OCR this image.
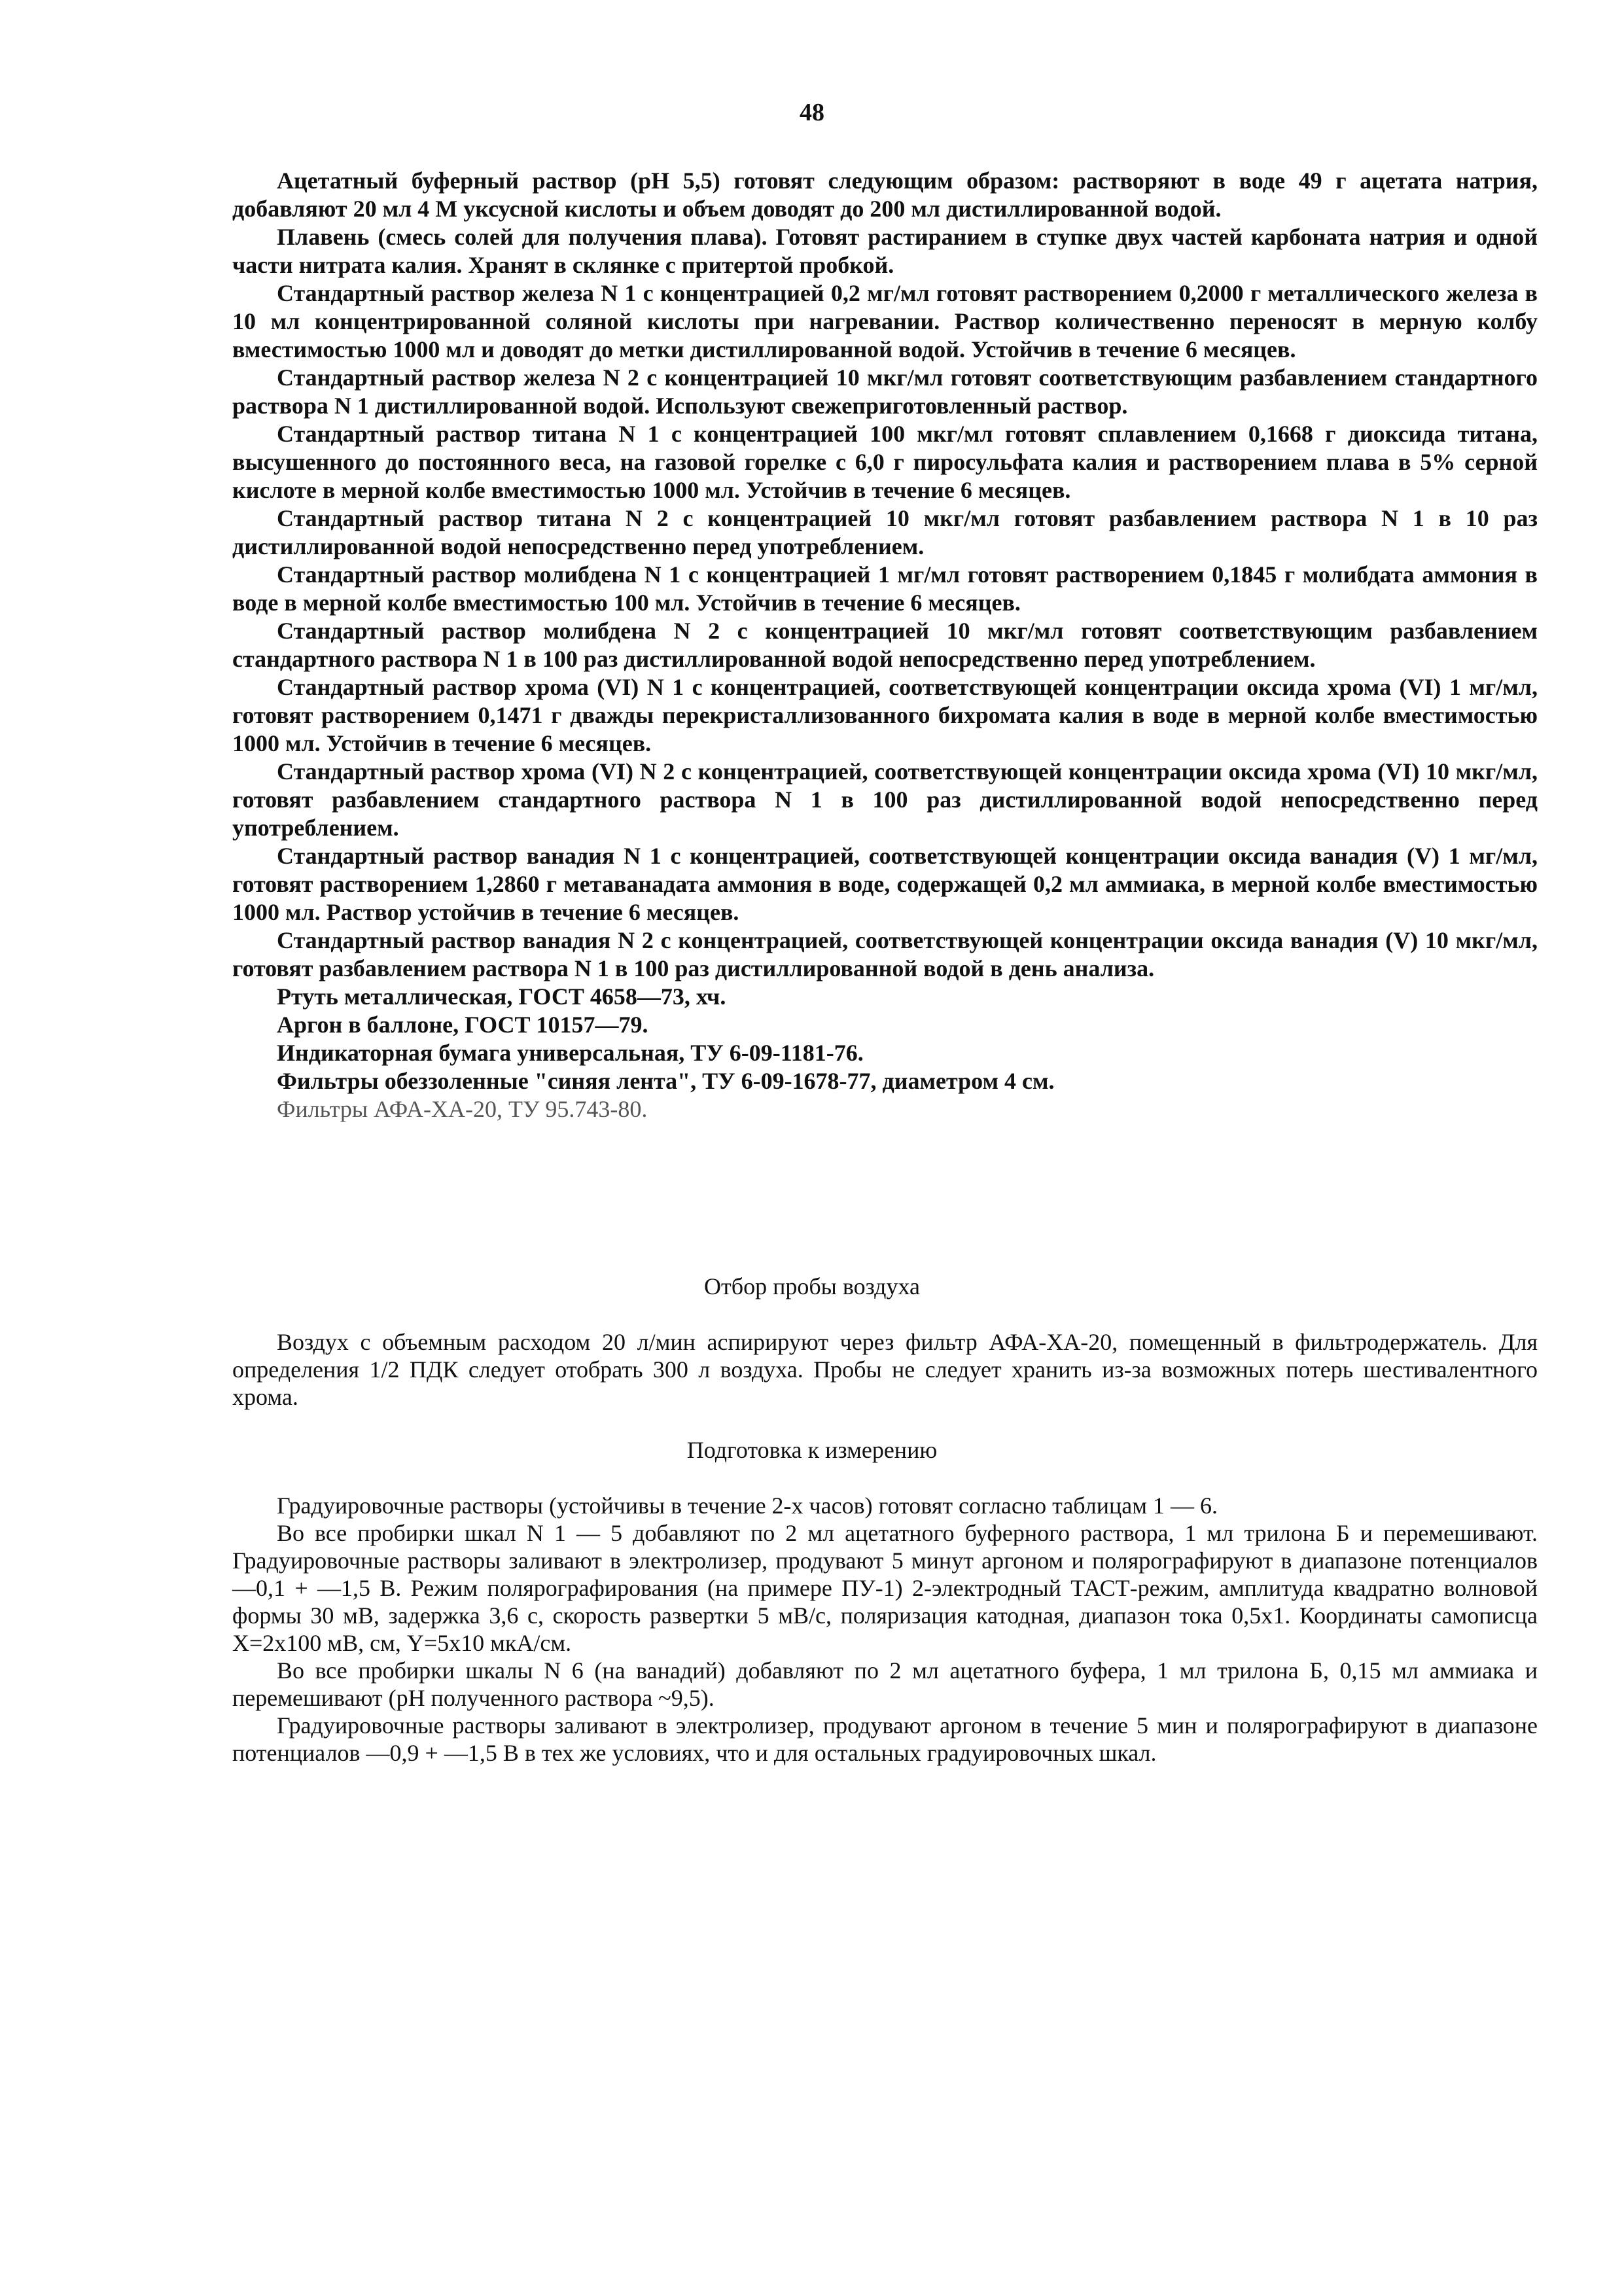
48

Ацетатный буферный раствор (pH 5,5) готовят следующим образом: растворяют в воде 49 г ацетата натрия, добавляют 20 мл 4 М уксусной кислоты и объем доводят до 200 мл дистиллированной водой.

Плавень (смесь солей для получения плава). Готовят растиранием в ступке двух частей карбоната натрия и одной части нитрата калия. Хранят в склянке с притертой пробкой.

Стандартный раствор железа N 1 с концентрацией 0,2 мг/мл готовят растворением 0,2000 г металлического железа в 10 мл концентрированной соляной кислоты при нагревании. Раствор количественно переносят в мерную колбу вместимостью 1000 мл и доводят до метки дистиллированной водой. Устойчив в течение 6 месяцев.

Стандартный раствор железа N 2 с концентрацией 10 мкг/мл готовят соответствующим разбавлением стандартного раствора N 1 дистиллированной водой. Используют свежеприготовленный раствор.

Стандартный раствор титана N 1 с концентрацией 100 мкг/мл готовят сплавлением 0,1668 г диоксида титана, высушенного до постоянного веса, на газовой горелке с 6,0 г пиросульфата калия и растворением плава в 5% серной кислоте в мерной колбе вместимостью 1000 мл. Устойчив в течение 6 месяцев.

Стандартный раствор титана N 2 с концентрацией 10 мкг/мл готовят разбавлением раствора N 1 в 10 раз дистиллированной водой непосредственно перед употреблением.

Стандартный раствор молибдена N 1 с концентрацией 1 мг/мл готовят растворением 0,1845 г молибдата аммония в воде в мерной колбе вместимостью 100 мл. Устойчив в течение 6 месяцев.

Стандартный раствор молибдена N 2 с концентрацией 10 мкг/мл готовят соответствующим разбавлением стандартного раствора N 1 в 100 раз дистиллированной водой непосредственно перед употреблением.

Стандартный раствор хрома (VI) N 1 с концентрацией, соответствующей концентрации оксида хрома (VI) 1 мг/мл, готовят растворением 0,1471 г дважды перекристаллизованного бихромата калия в воде в мерной колбе вместимостью 1000 мл. Устойчив в течение 6 месяцев.

Стандартный раствор хрома (VI) N 2 с концентрацией, соответствующей концентрации оксида хрома (VI) 10 мкг/мл, готовят разбавлением стандартного раствора N 1 в 100 раз дистиллированной водой непосредственно перед употреблением.

Стандартный раствор ванадия N 1 с концентрацией, соответствующей концентрации оксида ванадия (V) 1 мг/мл, готовят растворением 1,2860 г метаванадата аммония в воде, содержащей 0,2 мл аммиака, в мерной колбе вместимостью 1000 мл. Раствор устойчив в течение 6 месяцев.

Стандартный раствор ванадия N 2 с концентрацией, соответствующей концентрации оксида ванадия (V) 10 мкг/мл, готовят разбавлением раствора N 1 в 100 раз дистиллированной водой в день анализа.

Ртуть металлическая, ГОСТ 4658—73, хч.

Аргон в баллоне, ГОСТ 10157—79.

Индикаторная бумага универсальная, ТУ 6-09-1181-76.

Фильтры обеззоленные "синяя лента", ТУ 6-09-1678-77, диаметром 4 см.

Фильтры АФА-ХА-20, ТУ 95.743-80.

Отбор пробы воздуха

Воздух с объемным расходом 20 л/мин аспирируют через фильтр АФА-ХА-20, помещенный в фильтродержатель. Для определения 1/2 ПДК следует отобрать 300 л воздуха. Пробы не следует хранить из-за возможных потерь шестивалентного хрома.

Подготовка к измерению

Градуировочные растворы (устойчивы в течение 2-х часов) готовят согласно таблицам 1 — 6.

Во все пробирки шкал N 1 — 5 добавляют по 2 мл ацетатного буферного раствора, 1 мл трилона Б и перемешивают. Градуировочные растворы заливают в электролизер, продувают 5 минут аргоном и полярографируют в диапазоне потенциалов —0,1 + —1,5 В. Режим полярографирования (на примере ПУ-1) 2-электродный ТАСТ-режим, амплитуда квадратно волновой формы 30 мВ, задержка 3,6 с, скорость развертки 5 мВ/с, поляризация катодная, диапазон тока 0,5х1. Координаты самописца Х=2х100 мВ, см, Y=5х10 мкА/см.

Во все пробирки шкалы N 6 (на ванадий) добавляют по 2 мл ацетатного буфера, 1 мл трилона Б, 0,15 мл аммиака и перемешивают (pH полученного раствора ~9,5).

Градуировочные растворы заливают в электролизер, продувают аргоном в течение 5 мин и полярографируют в диапазоне потенциалов —0,9 + —1,5 В в тех же условиях, что и для остальных градуировочных шкал.
